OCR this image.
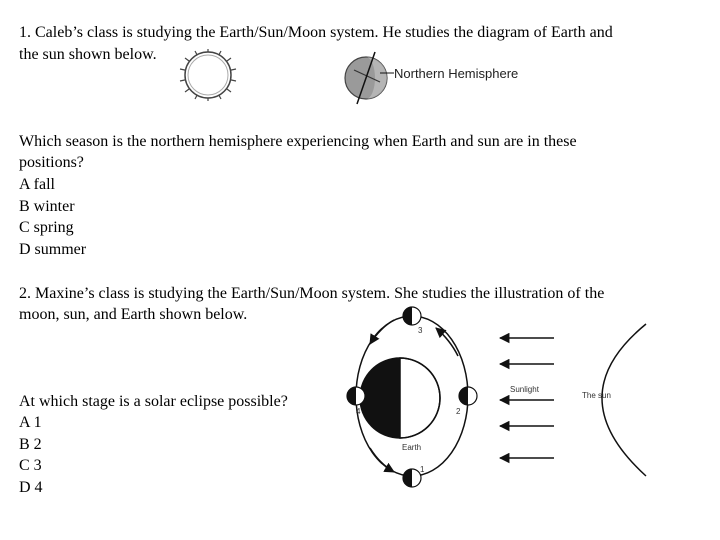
1. Caleb’s class is studying the Earth/Sun/Moon system. He studies the diagram of Earth and

the sun shown below.

Northern Hemisphere

Which season is the northern hemisphere experiencing when Earth and sun are in these

positions?

A fall

B winter

C spring

D summer

2. Maxine’s class is studying the Earth/Sun/Moon system. She studies the illustration of the

moon, sun, and Earth shown below.

At which stage is a solar eclipse possible?

A 1

B 2

C 3

D 4

Earth
3
4	2
1
Sunlight
The sun
